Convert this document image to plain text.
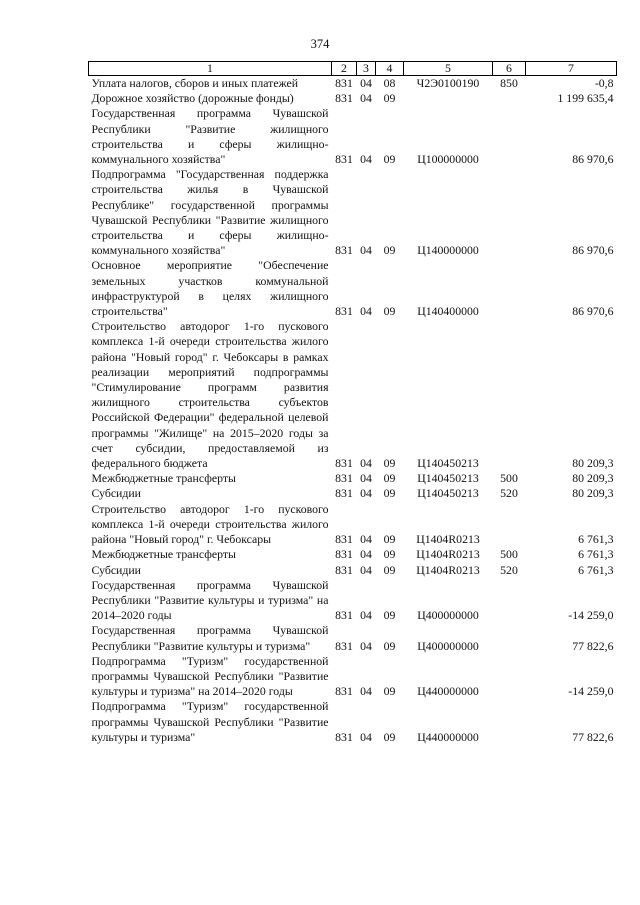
374
1	2	3	4	5	6	7
Уплата налогов, сборов и иных платежей	831	04	08	Ч2Э0100190	850	-0,8
Дорожное хозяйство (дорожные фонды)	831	04	09			1 199 635,4
Государственная программа Чувашской Республики "Развитие жилищного строительства и сферы жилищно-коммунального хозяйства"	831	04	09	Ц100000000		86 970,6
Подпрограмма "Государственная поддержка строительства жилья в Чувашской Республике" государственной программы Чувашской Республики "Развитие жилищного строительства и сферы жилищно-коммунального хозяйства"	831	04	09	Ц140000000		86 970,6
Основное мероприятие "Обеспечение земельных участков коммунальной инфраструктурой в целях жилищного строительства"	831	04	09	Ц140400000		86 970,6
Строительство автодорог 1-го пускового комплекса 1-й очереди строительства жилого района "Новый город" г. Чебоксары в рамках реализации мероприятий подпрограммы "Стимулирование программ развития жилищного строительства субъектов Российской Федерации" федеральной целевой программы "Жилище" на 2015–2020 годы за счет субсидии, предоставляемой из федерального бюджета	831	04	09	Ц140450213		80 209,3
Межбюджетные трансферты	831	04	09	Ц140450213	500	80 209,3
Субсидии	831	04	09	Ц140450213	520	80 209,3
Строительство автодорог 1-го пускового комплекса 1-й очереди строительства жилого района "Новый город" г. Чебоксары	831	04	09	Ц1404R0213		6 761,3
Межбюджетные трансферты	831	04	09	Ц1404R0213	500	6 761,3
Субсидии	831	04	09	Ц1404R0213	520	6 761,3
Государственная программа Чувашской Республики "Развитие культуры и туризма" на 2014–2020 годы	831	04	09	Ц400000000		-14 259,0
Государственная программа Чувашской Республики "Развитие культуры и туризма"	831	04	09	Ц400000000		77 822,6
Подпрограмма "Туризм" государственной программы Чувашской Республики "Развитие культуры и туризма" на 2014–2020 годы	831	04	09	Ц440000000		-14 259,0
Подпрограмма "Туризм" государственной программы Чувашской Республики "Развитие культуры и туризма"	831	04	09	Ц440000000		77 822,6
